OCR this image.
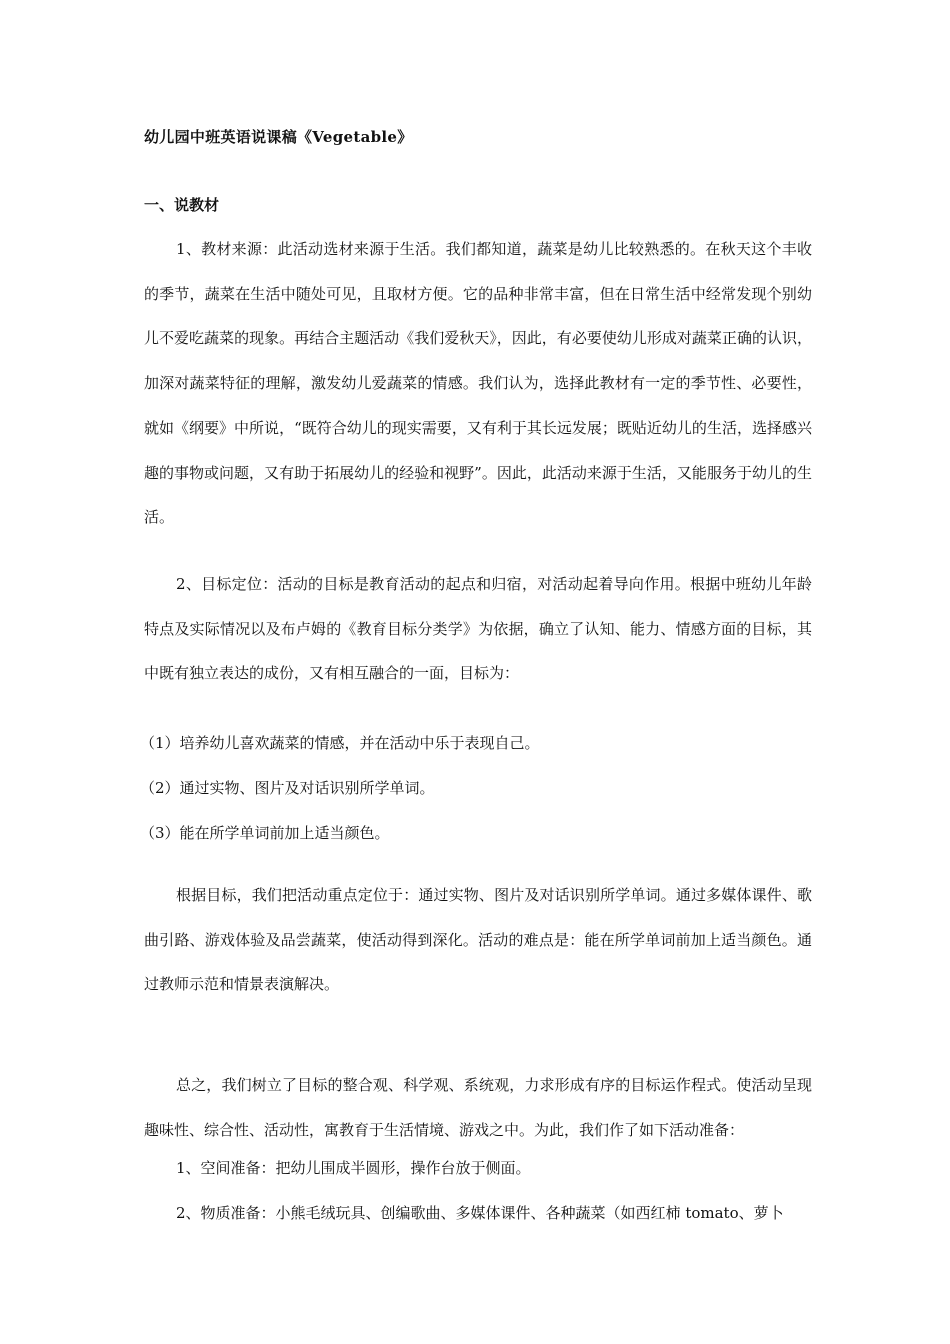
幼儿园中班英语说课稿《Vegetable》
一、说教材

1、教材来源：此活动选材来源于生活。我们都知道，蔬菜是幼儿比较熟悉的。在秋天这个丰收的季节，蔬菜在生活中随处可见，且取材方便。它的品种非常丰富，但在日常生活中经常发现个别幼儿不爱吃蔬菜的现象。再结合主题活动《我们爱秋天》，因此，有必要使幼儿形成对蔬菜正确的认识，加深对蔬菜特征的理解，激发幼儿爱蔬菜的情感。我们认为，选择此教材有一定的季节性、必要性，就如《纲要》中所说，“既符合幼儿的现实需要，又有利于其长远发展；既贴近幼儿的生活，选择感兴趣的事物或问题，又有助于拓展幼儿的经验和视野”。因此，此活动来源于生活，又能服务于幼儿的生活。

2、目标定位：活动的目标是教育活动的起点和归宿，对活动起着导向作用。根据中班幼儿年龄特点及实际情况以及布卢姆的《教育目标分类学》为依据，确立了认知、能力、情感方面的目标，其中既有独立表达的成份，又有相互融合的一面，目标为：

（1）培养幼儿喜欢蔬菜的情感，并在活动中乐于表现自己。

（2）通过实物、图片及对话识别所学单词。

（3）能在所学单词前加上适当颜色。

根据目标，我们把活动重点定位于：通过实物、图片及对话识别所学单词。通过多媒体课件、歌曲引路、游戏体验及品尝蔬菜，使活动得到深化。活动的难点是：能在所学单词前加上适当颜色。通过教师示范和情景表演解决。

总之，我们树立了目标的整合观、科学观、系统观，力求形成有序的目标运作程式。使活动呈现趣味性、综合性、活动性，寓教育于生活情境、游戏之中。为此，我们作了如下活动准备：

1、空间准备：把幼儿围成半圆形，操作台放于侧面。

2、物质准备：小熊毛绒玩具、创编歌曲、多媒体课件、各种蔬菜（如西红柿 tomato、萝卜
